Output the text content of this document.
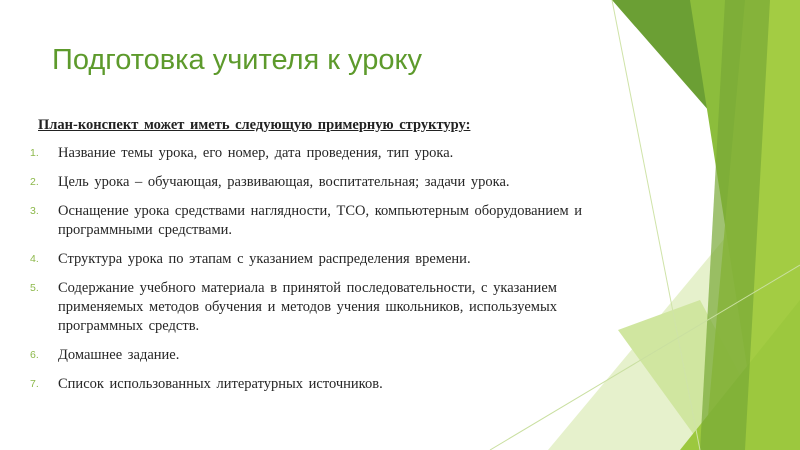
Подготовка учителя к уроку
План‑конспект может иметь следующую примерную структуру:
1. Название темы урока, его номер, дата проведения, тип урока.
2. Цель урока – обучающая, развивающая, воспитательная; задачи урока.
3. Оснащение урока средствами наглядности, ТСО, компьютерным оборудованием и программными средствами.
4. Структура урока по этапам с указанием распределения времени.
5. Содержание учебного материала в принятой последовательности, с указанием применяемых методов обучения и методов учения школьников, используемых программных средств.
6. Домашнее задание.
7. Список использованных литературных источников.
